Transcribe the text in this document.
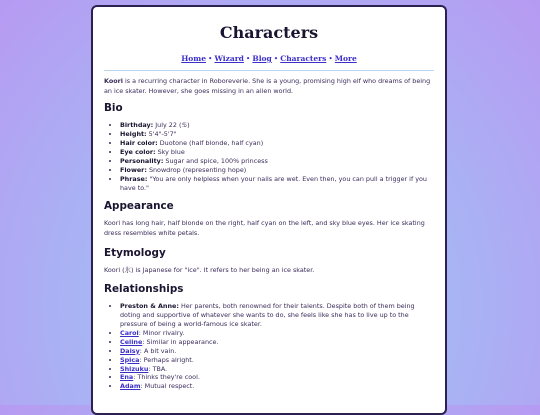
Characters
Home • Wizard • Blog • Characters • More

Koori is a recurring character in Roboreverie. She is a young, promising high elf who dreams of being an ice skater. However, she goes missing in an alien world.

Bio
• Birthday: July 22 (♋)
• Height: 5'4"-5'7"
• Hair color: Duotone (half blonde, half cyan)
• Eye color: Sky blue
• Personality: Sugar and spice, 100% princess
• Flower: Snowdrop (representing hope)
• Phrase: "You are only helpless when your nails are wet. Even then, you can pull a trigger if you have to."
Appearance

Koori has long hair, half blonde on the right, half cyan on the left, and sky blue eyes. Her ice skating dress resembles white petals.

Etymology

Koori (氷) is Japanese for "ice". It refers to her being an ice skater.

Relationships
• Preston & Anne: Her parents, both renowned for their talents. Despite both of them being doting and supportive of whatever she wants to do, she feels like she has to live up to the pressure of being a world-famous ice skater.
• Carol: Minor rivalry.
• Celine: Similar in appearance.
• Daisy: A bit vain.
• Spica: Perhaps alright.
• Shizuku: TBA.
• Ena: Thinks they're cool.
• Adam: Mutual respect.
